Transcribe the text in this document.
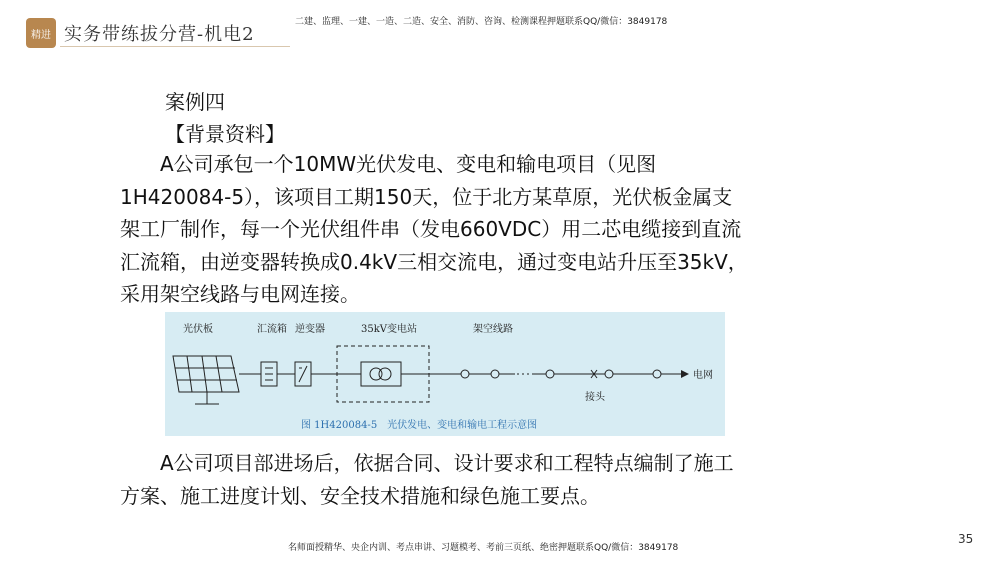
精进 实务带练拔分营-机电2
二建、监理、一建、一造、二造、安全、消防、咨询、检测课程押题联系QQ/微信：3849178
案例四
【背景资料】
　　A公司承包一个10MW光伏发电、变电和输电项目（见图
1H420084-5），该项目工期150天，位于北方某草原，光伏板金属支
架工厂制作，每一个光伏组件串（发电660VDC）用二芯电缆接到直流
汇流箱，由逆变器转换成0.4kV三相交流电，通过变电站升压至35kV，
采用架空线路与电网连接。
光伏板	汇流箱 逆变器	35kV变电站	架空线路
接头
电网
图 1H420084-5　光伏发电、变电和输电工程示意图
　　A公司项目部进场后，依据合同、设计要求和工程特点编制了施工
方案、施工进度计划、安全技术措施和绿色施工要点。
35
名师面授精华、央企内训、考点串讲、习题模考、考前三页纸、绝密押题联系QQ/微信：3849178
